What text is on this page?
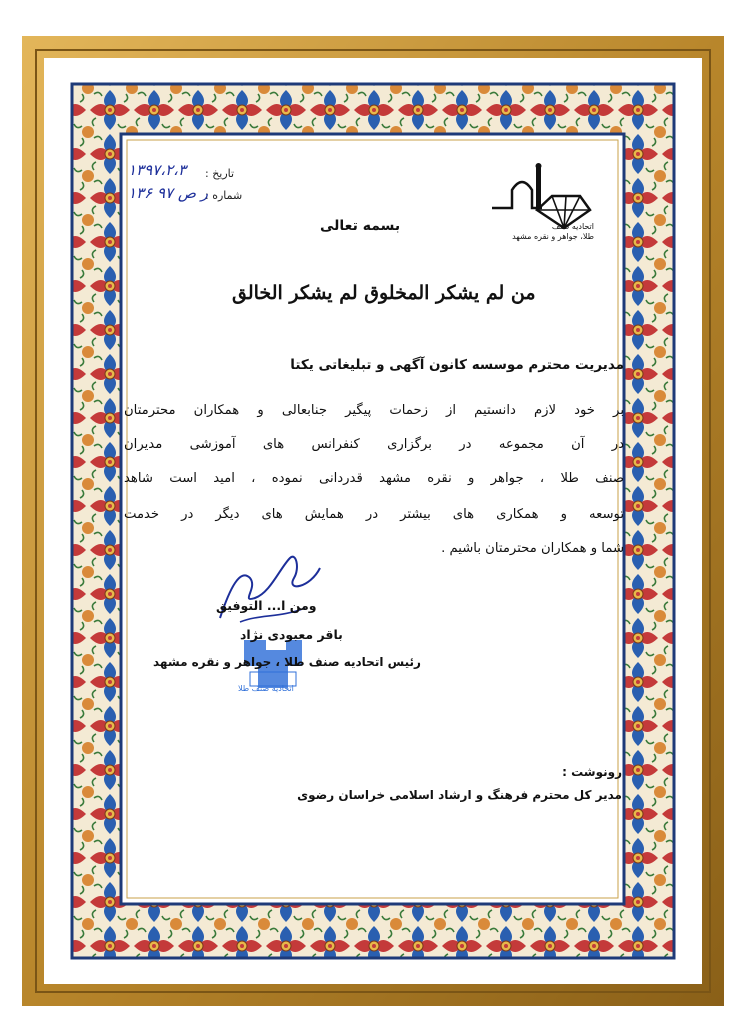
تاریخ :
۱۳۹۷،۲،۳
شماره :
۱۳۶ ر ص ۹۷
اتحادیه صنف
طلا، جواهر و نقره مشهد
بسمه تعالی
من لم يشكر المخلوق لم يشكر الخالق
مدیریت محترم موسسه کانون آگهی و تبلیغاتی یکتا
بر خود لازم دانستیم از زحمات پیگیر جنابعالی و همکاران محترمتان
در آن مجموعه در برگزاری کنفرانس های آموزشی مدیران
صنف طلا ، جواهر و نقره مشهد قدردانی نموده ، امید است شاهد
توسعه و همکاری های بیشتر در همایش های دیگر در خدمت
شما و همکاران محترمتان باشیم .
اتحادیه صنف طلا
ومن ا... التوفیق
باقر معبودی نژاد
رئیس اتحادیه صنف طلا ، جواهر و نقره مشهد
رونوشت :
مدیر کل محترم فرهنگ و ارشاد اسلامی خراسان رضوی
